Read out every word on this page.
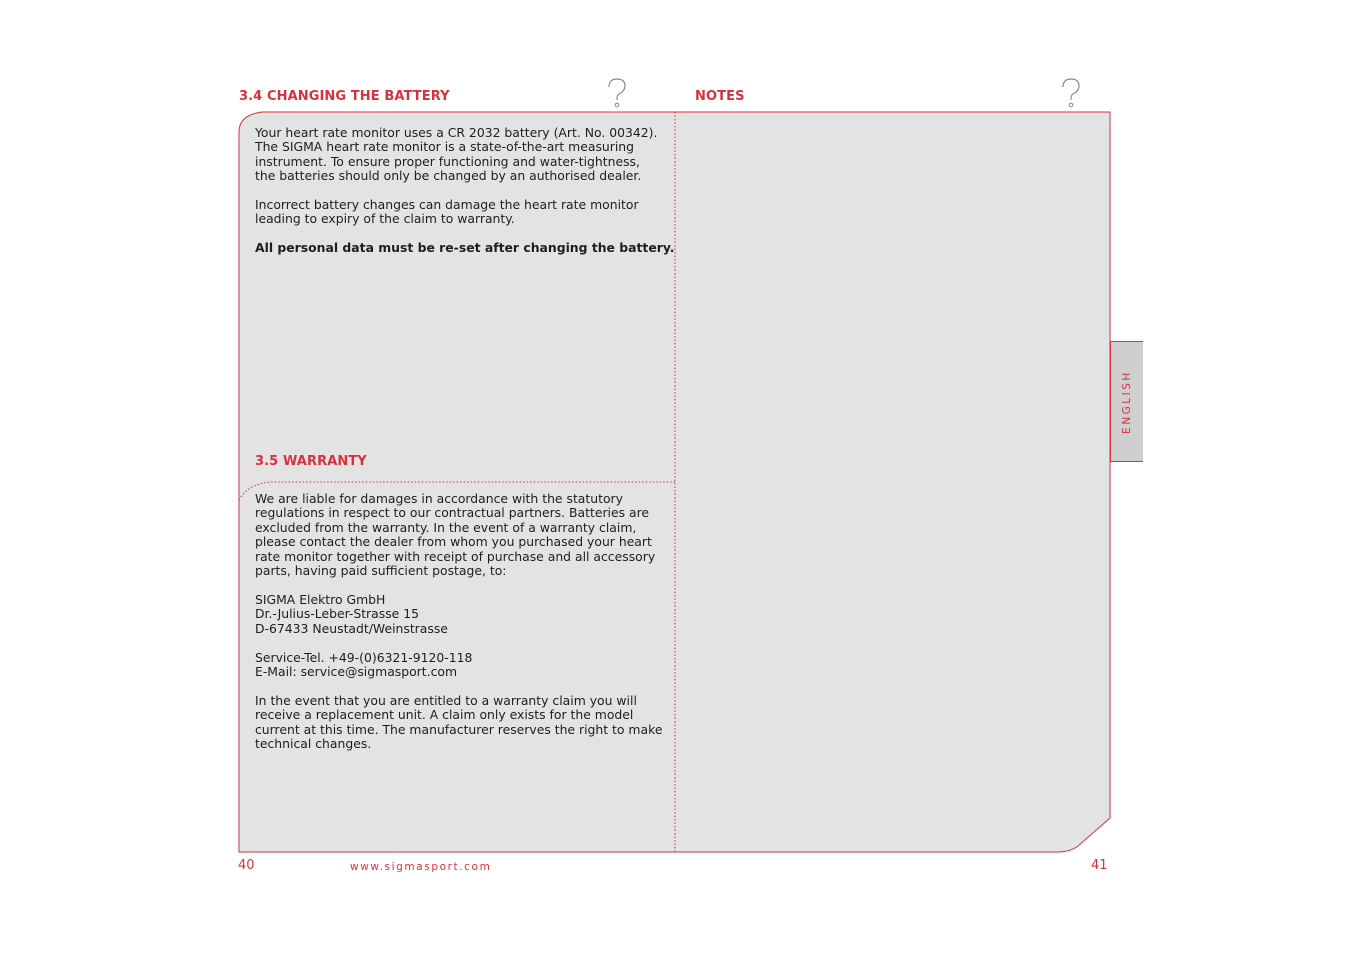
3.4 CHANGING THE BATTERY

Your heart rate monitor uses a CR 2032 battery (Art. No. 00342).
The SIGMA heart rate monitor is a state-of-the-art measuring
instrument. To ensure proper functioning and water-tightness,
the batteries should only be changed by an authorised dealer.

Incorrect battery changes can damage the heart rate monitor
leading to expiry of the claim to warranty.

All personal data must be re-set after changing the battery.

3.5 WARRANTY

We are liable for damages in accordance with the statutory
regulations in respect to our contractual partners. Batteries are
excluded from the warranty. In the event of a warranty claim,
please contact the dealer from whom you purchased your heart
rate monitor together with receipt of purchase and all accessory
parts, having paid sufficient postage, to:

SIGMA Elektro GmbH
Dr.-Julius-Leber-Strasse 15
D-67433 Neustadt/Weinstrasse

Service-Tel. +49-(0)6321-9120-118
E-Mail: service@sigmasport.com

In the event that you are entitled to a warranty claim you will
receive a replacement unit. A claim only exists for the model
current at this time. The manufacturer reserves the right to make
technical changes.

40	www.sigmasport.com
NOTES
ENGLISH
41
